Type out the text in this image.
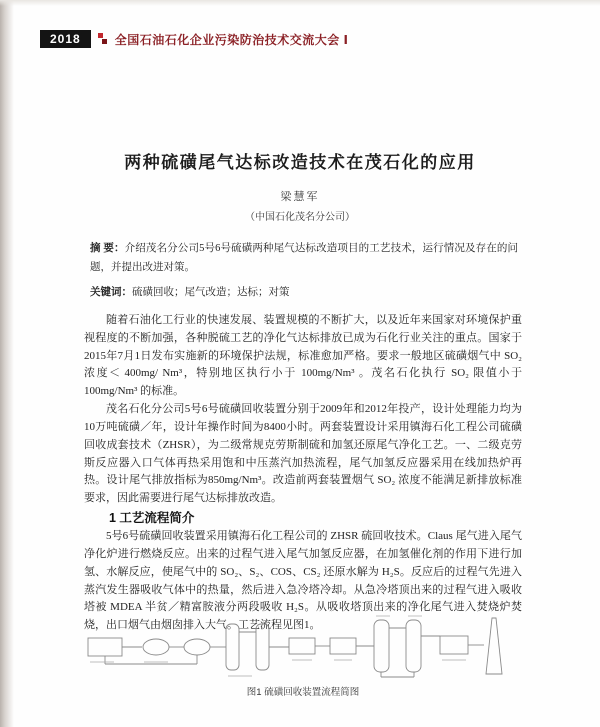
2018	全国石油石化企业污染防治技术交流大会 Ⅰ
两种硫磺尾气达标改造技术在茂石化的应用
梁慧军
（中国石化茂名分公司）
摘 要：介绍茂名分公司5号6号硫磺两种尾气达标改造项目的工艺技术，运行情况及存在的问题，并提出改进对策。
关键词：硫磺回收；尾气改造；达标；对策

随着石油化工行业的快速发展、装置规模的不断扩大，以及近年来国家对环境保护重视程度的不断加强，各种脱硫工艺的净化气达标排放已成为石化行业关注的重点。国家于2015年7月1日发布实施新的环境保护法规，标准愈加严格。要求一般地区硫磺烟气中 SO₂ 浓度＜ 400mg/ Nm³，特别地区执行小于 100mg/Nm³ 。茂名石化执行 SO₂ 限值小于 100mg/Nm³ 的标准。

茂名石化分公司5号6号硫磺回收装置分别于2009年和2012年投产，设计处理能力均为10万吨硫磺／年，设计年操作时间为8400小时。两套装置设计采用镇海石化工程公司硫磺回收成套技术（ZHSR），为二级常规克劳斯制硫和加氢还原尾气净化工艺。一、二级克劳斯反应器入口气体再热采用饱和中压蒸汽加热流程，尾气加氢反应器采用在线加热炉再热。设计尾气排放指标为850mg/Nm³。改造前两套装置烟气 SO₂ 浓度不能满足新排放标准要求，因此需要进行尾气达标排放改造。

1 工艺流程简介

5号6号硫磺回收装置采用镇海石化工程公司的 ZHSR 硫回收技术。Claus 尾气进入尾气净化炉进行燃烧反应。出来的过程气进入尾气加氢反应器，在加氢催化剂的作用下进行加氢、水解反应，使尾气中的 SO₂、S₂、COS、CS₂ 还原水解为 H₂S。反应后的过程气先进入蒸汽发生器吸收气体中的热量，然后进入急冷塔冷却。从急冷塔顶出来的过程气进入吸收塔被 MDEA 半贫／精富胺液分两段吸收 H₂S。从吸收塔顶出来的净化尾气进入焚烧炉焚烧，出口烟气由烟囱排入大气。工艺流程见图1。

图1 硫磺回收装置流程简图
